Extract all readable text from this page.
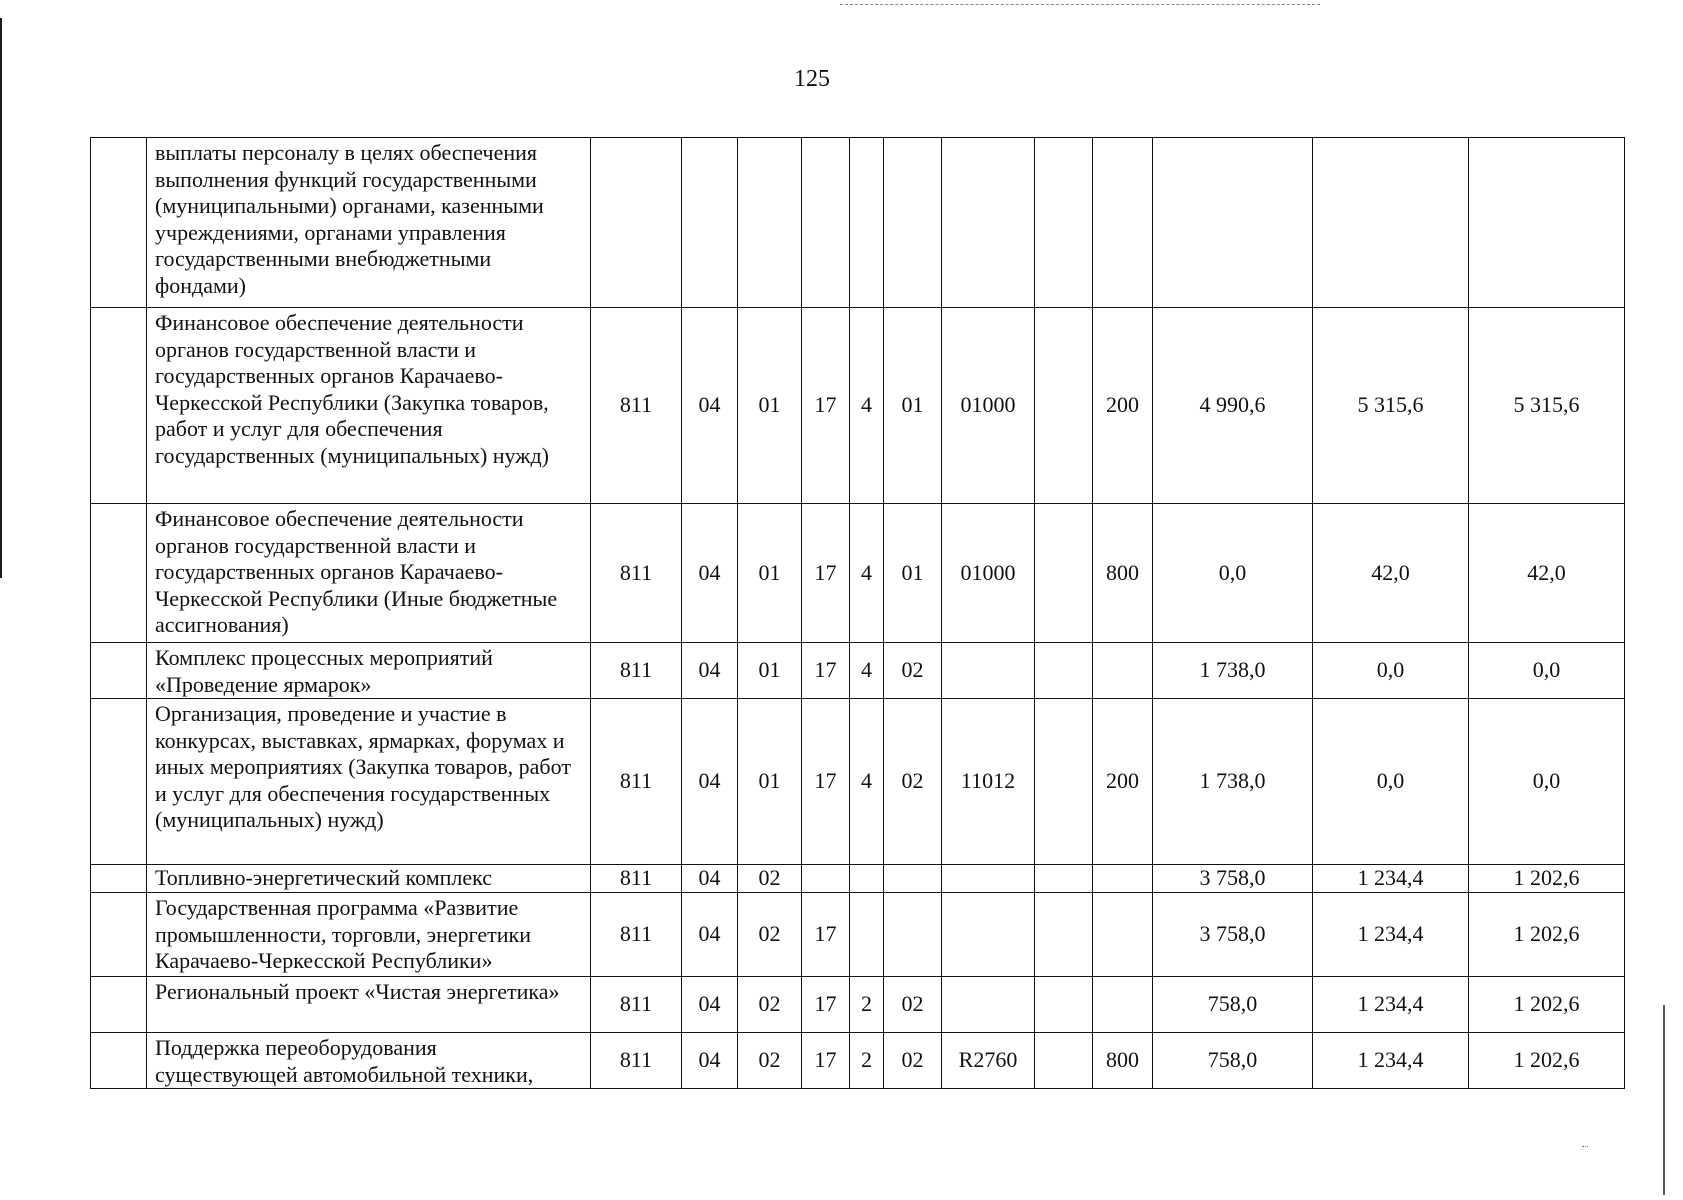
125
	выплаты персоналу в целях обеспечения выполнения функций государственными (муниципальными) органами, казенными учреждениями, органами управления государственными внебюджетными фондами)												
	Финансовое обеспечение деятельности органов государственной власти и государственных органов Карачаево-Черкесской Республики (Закупка товаров, работ и услуг для обеспечения государственных (муниципальных) нужд)	811	04	01	17	4	01	01000		200	4 990,6	5 315,6	5 315,6
	Финансовое обеспечение деятельности органов государственной власти и государственных органов Карачаево-Черкесской Республики (Иные бюджетные ассигнования)	811	04	01	17	4	01	01000		800	0,0	42,0	42,0
	Комплекс процессных мероприятий «Проведение ярмарок»	811	04	01	17	4	02				1 738,0	0,0	0,0
	Организация, проведение и участие в конкурсах, выставках, ярмарках, форумах и иных мероприятиях (Закупка товаров, работ и услуг для обеспечения государственных (муниципальных) нужд)	811	04	01	17	4	02	11012		200	1 738,0	0,0	0,0
	Топливно-энергетический комплекс	811	04	02							3 758,0	1 234,4	1 202,6
	Государственная программа «Развитие промышленности, торговли, энергетики Карачаево-Черкесской Республики»	811	04	02	17						3 758,0	1 234,4	1 202,6
	Региональный проект «Чистая энергетика»	811	04	02	17	2	02				758,0	1 234,4	1 202,6
	Поддержка переоборудования существующей автомобильной техники,	811	04	02	17	2	02	R2760		800	758,0	1 234,4	1 202,6
